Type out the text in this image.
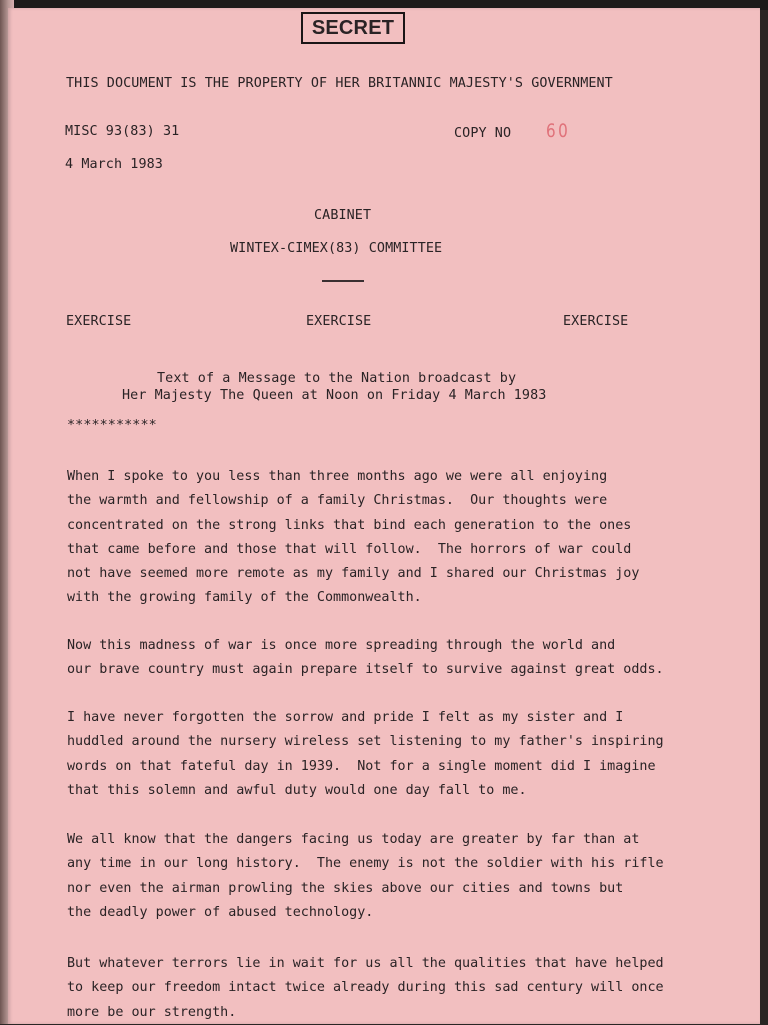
SECRET
THIS DOCUMENT IS THE PROPERTY OF HER BRITANNIC MAJESTY'S GOVERNMENT
MISC 93(83) 31	COPY NO 60
4 March 1983
CABINET
WINTEX-CIMEX(83) COMMITTEE
EXERCISE	EXERCISE	EXERCISE
Text of a Message to the Nation broadcast by
Her Majesty The Queen at Noon on Friday 4 March 1983
***********

When I spoke to you less than three months ago we were all enjoying
the warmth and fellowship of a family Christmas.  Our thoughts were
concentrated on the strong links that bind each generation to the ones
that came before and those that will follow.  The horrors of war could
not have seemed more remote as my family and I shared our Christmas joy
with the growing family of the Commonwealth.

Now this madness of war is once more spreading through the world and
our brave country must again prepare itself to survive against great odds.

I have never forgotten the sorrow and pride I felt as my sister and I
huddled around the nursery wireless set listening to my father's inspiring
words on that fateful day in 1939.  Not for a single moment did I imagine
that this solemn and awful duty would one day fall to me.

We all know that the dangers facing us today are greater by far than at
any time in our long history.  The enemy is not the soldier with his rifle
nor even the airman prowling the skies above our cities and towns but
the deadly power of abused technology.

But whatever terrors lie in wait for us all the qualities that have helped
to keep our freedom intact twice already during this sad century will once
more be our strength.
